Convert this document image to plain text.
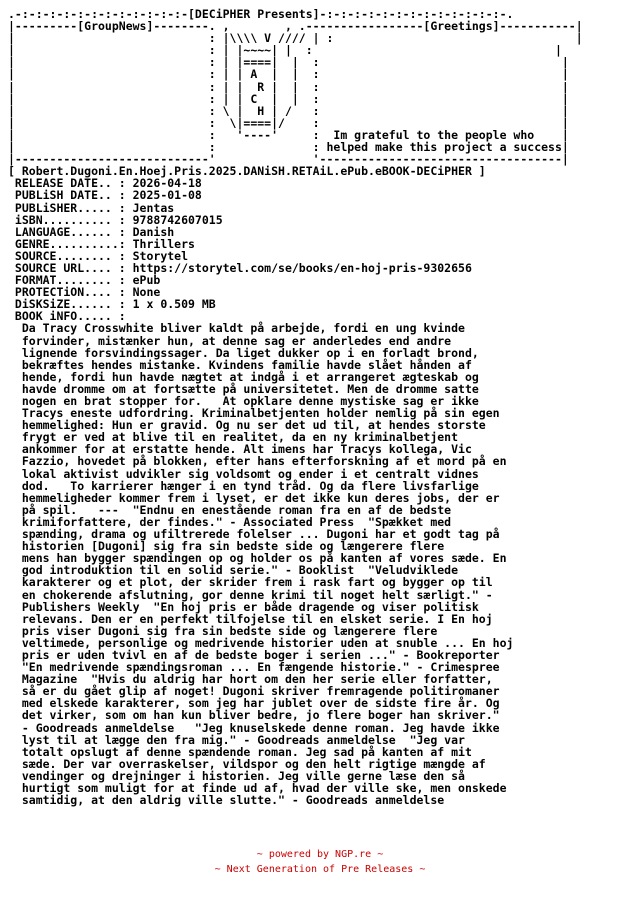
.-:-:-:-:-:-:-:-:-:-:-:-:-[DECiPHER Presents]-:-:-:-:-:-:-:-:-:-:-:-:-:-.
|---------[GroupNews]--------. ,        , .-----------------[Greetings]-----------|
|                            : |\\\\ V //// | :                                   |
|                            : | |~~~~| |  :                                   |
|                            : | |====|  |  :                                   |
|                            : | | A  |  |  :                                   |
|                            : | |  R |  |  :                                   |
|                            : | | C  |  |  :                                   |
|                            : \ |  H | /   :                                   |
|                            :  \|====|/    :                                   |
|                            :   '----'     :  Im grateful to the people who    |
|                            :              : helped make this project a success|
|----------------------------'              '-----------------------------------|
[ Robert.Dugoni.En.Hoej.Pris.2025.DANiSH.RETAiL.ePub.eBOOK-DECiPHER ]
RELEASE DATE.. : 2026-04-18
PUBLiSH DATE.. : 2025-01-08
PUBLiSHER..... : Jentas
iSBN.......... : 9788742607015
LANGUAGE...... : Danish
GENRE..........: Thrillers
SOURCE........ : Storytel
SOURCE URL.... : https://storytel.com/se/books/en-hoj-pris-9302656
FORMAT........ : ePub
PROTECTiON.... : None
DiSKSiZE...... : 1 x 0.509 MB
BOOK iNFO..... :
Da Tracy Crosswhite bliver kaldt på arbejde, fordi en ung kvinde
forvinder, mistænker hun, at denne sag er anderledes end andre
lignende forsvindingssager. Da liget dukker op i en forladt brond,
bekræftes hendes mistanke. Kvindens familie havde slået hånden af
hende, fordi hun havde nægtet at indgå i et arrangeret ægteskab og
havde dromme om at fortsætte på universitetet. Men de dromme satte
nogen en brat stopper for.   At opklare denne mystiske sag er ikke
Tracys eneste udfordring. Kriminalbetjenten holder nemlig på sin egen
hemmelighed: Hun er gravid. Og nu ser det ud til, at hendes storste
frygt er ved at blive til en realitet, da en ny kriminalbetjent
ankommer for at erstatte hende. Alt imens har Tracys kollega, Vic
Fazzio, hovedet på blokken, efter hans efterforskning af et mord på en
lokal aktivist udvikler sig voldsomt og ender i et centralt vidnes
dod.   To karrierer hænger i en tynd tråd. Og da flere livsfarlige
hemmeligheder kommer frem i lyset, er det ikke kun deres jobs, der er
på spil.   ---  "Endnu en enestående roman fra en af de bedste
krimiforfattere, der findes." - Associated Press  "Spækket med
spænding, drama og ufiltrerede folelser ... Dugoni har et godt tag på
historien [Dugoni] sig fra sin bedste side og længerere flere
mens han bygger spændingen op og holder os på kanten af vores sæde. En
god introduktion til en solid serie." - Booklist  "Veludviklede
karakterer og et plot, der skrider frem i rask fart og bygger op til
en chokerende afslutning, gor denne krimi til noget helt særligt." -
Publishers Weekly  "En hoj pris er både dragende og viser politisk
relevans. Den er en perfekt tilfojelse til en elsket serie. I En hoj
pris viser Dugoni sig fra sin bedste side og længerere flere
veltimede, personlige og medrivende historier uden at snuble ... En hoj
pris er uden tvivl en af de bedste boger i serien ..." - Bookreporter
"En medrivende spændingsroman ... En fængende historie." - Crimespree
Magazine  "Hvis du aldrig har hort om den her serie eller forfatter,
så er du gået glip af noget! Dugoni skriver fremragende politiromaner
med elskede karakterer, som jeg har jublet over de sidste fire år. Og
det virker, som om han kun bliver bedre, jo flere boger han skriver."
- Goodreads anmeldelse   "Jeg knuselskede denne roman. Jeg havde ikke
lyst til at lægge den fra mig." - Goodreads anmeldelse  "Jeg var
totalt opslugt af denne spændende roman. Jeg sad på kanten af mit
sæde. Der var overraskelser, vildspor og den helt rigtige mængde af
vendinger og drejninger i historien. Jeg ville gerne læse den så
hurtigt som muligt for at finde ud af, hvad der ville ske, men onskede
samtidig, at den aldrig ville slutte." - Goodreads anmeldelse
~ powered by NGP.re ~
~ Next Generation of Pre Releases ~
